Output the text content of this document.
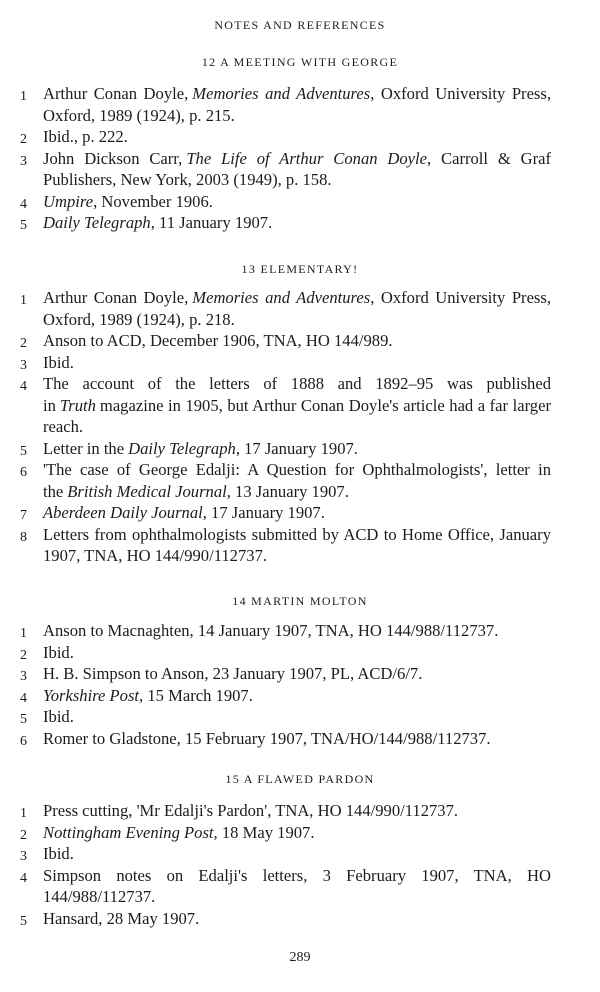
NOTES AND REFERENCES
12 A MEETING WITH GEORGE
1 Arthur Conan Doyle, Memories and Adventures, Oxford University Press, Oxford, 1989 (1924), p. 215.
2 Ibid., p. 222.
3 John Dickson Carr, The Life of Arthur Conan Doyle, Carroll & Graf Publishers, New York, 2003 (1949), p. 158.
4 Umpire, November 1906.
5 Daily Telegraph, 11 January 1907.
13 ELEMENTARY!
1 Arthur Conan Doyle, Memories and Adventures, Oxford University Press, Oxford, 1989 (1924), p. 218.
2 Anson to ACD, December 1906, TNA, HO 144/989.
3 Ibid.
4 The account of the letters of 1888 and 1892–95 was published in Truth magazine in 1905, but Arthur Conan Doyle's article had a far larger reach.
5 Letter in the Daily Telegraph, 17 January 1907.
6 'The case of George Edalji: A Question for Ophthalmologists', letter in the British Medical Journal, 13 January 1907.
7 Aberdeen Daily Journal, 17 January 1907.
8 Letters from ophthalmologists submitted by ACD to Home Office, January 1907, TNA, HO 144/990/112737.
14 MARTIN MOLTON
1 Anson to Macnaghten, 14 January 1907, TNA, HO 144/988/112737.
2 Ibid.
3 H. B. Simpson to Anson, 23 January 1907, PL, ACD/6/7.
4 Yorkshire Post, 15 March 1907.
5 Ibid.
6 Romer to Gladstone, 15 February 1907, TNA/HO/144/988/112737.
15 A FLAWED PARDON
1 Press cutting, 'Mr Edalji's Pardon', TNA, HO 144/990/112737.
2 Nottingham Evening Post, 18 May 1907.
3 Ibid.
4 Simpson notes on Edalji's letters, 3 February 1907, TNA, HO 144/988/112737.
5 Hansard, 28 May 1907.
289
